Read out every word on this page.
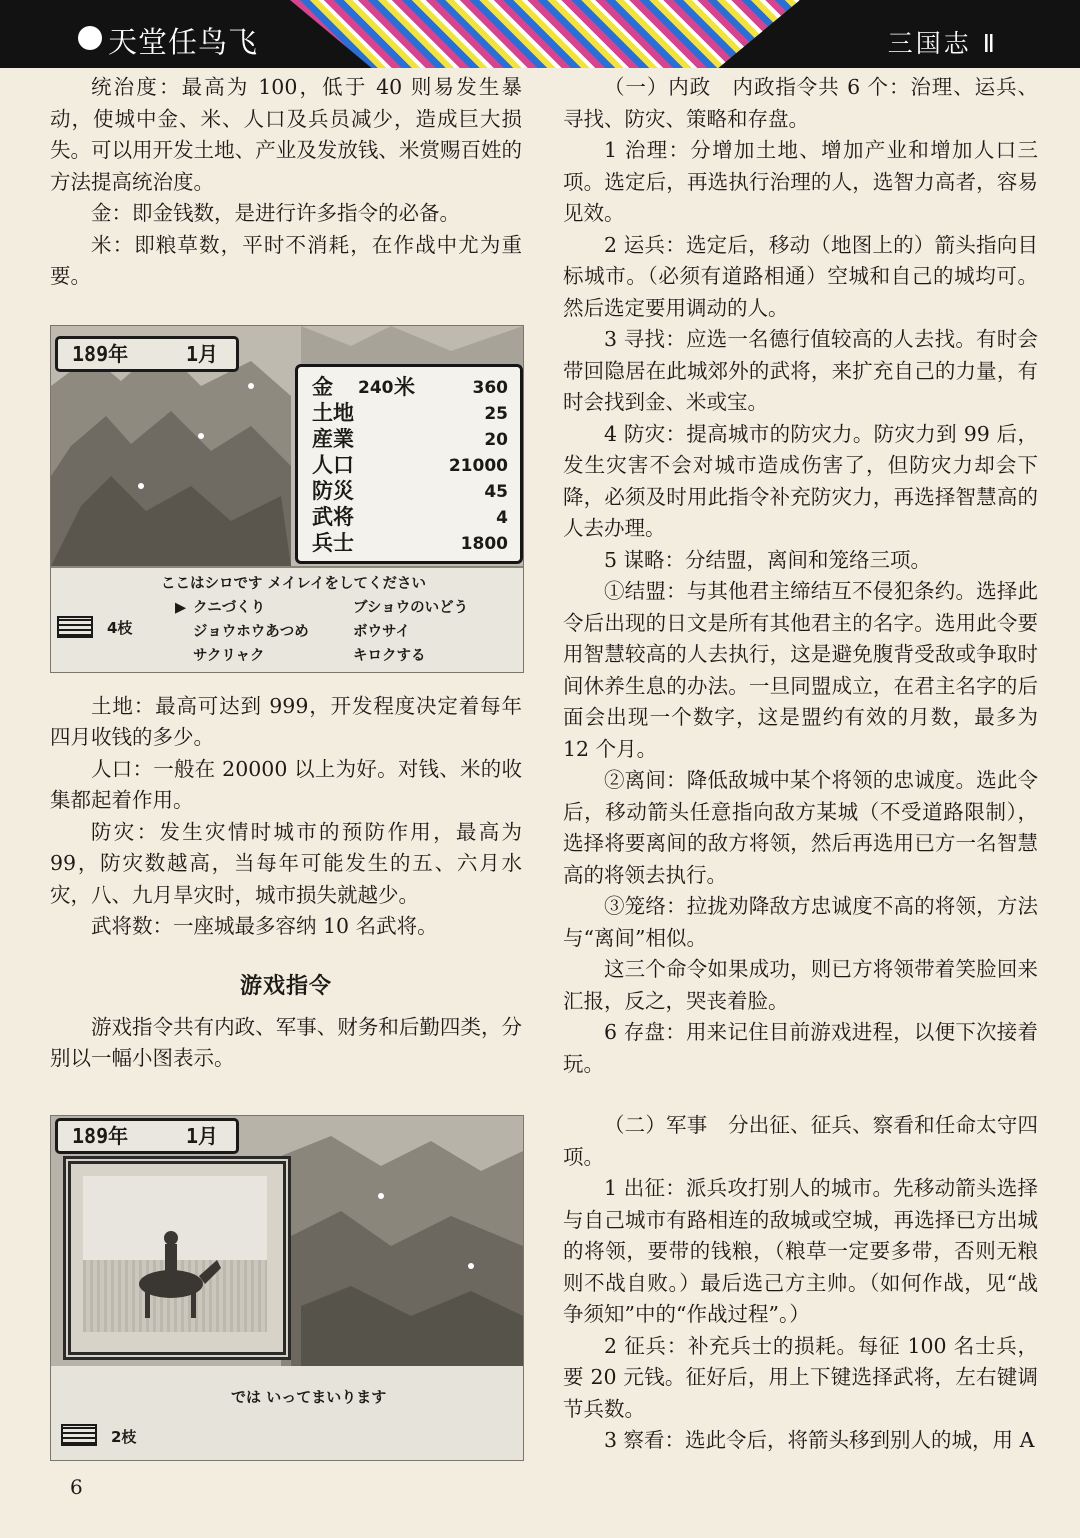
天堂任鸟飞	三国志 Ⅱ

统治度：最高为 100，低于 40 则易发生暴动，使城中金、米、人口及兵员减少，造成巨大损失。可以用开发土地、产业及发放钱、米赏赐百姓的方法提高统治度。

金：即金钱数，是进行许多指令的必备。

米：即粮草数，平时不消耗，在作战中尤为重要。

189年	1月
金 240 米	360
土地	25
産業	20
人口	21000
防災	45
武将	4
兵士	1800
ここはシロです メイレイをしてください
▶ クニづくり	ブショウのいどう
ジョウホウあつめ	ボウサイ
サクリャク	キロクする
4枝

土地：最高可达到 999，开发程度决定着每年四月收钱的多少。

人口：一般在 20000 以上为好。对钱、米的收集都起着作用。

防灾：发生灾情时城市的预防作用，最高为 99，防灾数越高，当每年可能发生的五、六月水灾，八、九月旱灾时，城市损失就越少。

武将数：一座城最多容纳 10 名武将。

游戏指令

游戏指令共有内政、军事、财务和后勤四类，分别以一幅小图表示。

189年	1月
では いってまいります
2枝

（一）内政　内政指令共 6 个：治理、运兵、寻找、防灾、策略和存盘。

1 治理：分增加土地、增加产业和增加人口三项。选定后，再选执行治理的人，选智力高者，容易见效。

2 运兵：选定后，移动（地图上的）箭头指向目标城市。（必须有道路相通）空城和自己的城均可。然后选定要用调动的人。

3 寻找：应选一名德行值较高的人去找。有时会带回隐居在此城郊外的武将，来扩充自己的力量，有时会找到金、米或宝。

4 防灾：提高城市的防灾力。防灾力到 99 后，发生灾害不会对城市造成伤害了，但防灾力却会下降，必须及时用此指令补充防灾力，再选择智慧高的人去办理。

5 谋略：分结盟，离间和笼络三项。

①结盟：与其他君主缔结互不侵犯条约。选择此令后出现的日文是所有其他君主的名字。选用此令要用智慧较高的人去执行，这是避免腹背受敌或争取时间休养生息的办法。一旦同盟成立，在君主名字的后面会出现一个数字，这是盟约有效的月数，最多为 12 个月。

②离间：降低敌城中某个将领的忠诚度。选此令后，移动箭头任意指向敌方某城（不受道路限制），选择将要离间的敌方将领，然后再选用已方一名智慧高的将领去执行。

③笼络：拉拢劝降敌方忠诚度不高的将领，方法与“离间”相似。

这三个命令如果成功，则已方将领带着笑脸回来汇报，反之，哭丧着脸。

6 存盘：用来记住目前游戏进程，以便下次接着玩。

（二）军事　分出征、征兵、察看和任命太守四项。

1 出征：派兵攻打别人的城市。先移动箭头选择与自己城市有路相连的敌城或空城，再选择已方出城的将领，要带的钱粮，（粮草一定要多带，否则无粮则不战自败。）最后选己方主帅。（如何作战，见“战争须知”中的“作战过程”。）

2 征兵：补充兵士的损耗。每征 100 名士兵，要 20 元钱。征好后，用上下键选择武将，左右键调节兵数。

3 察看：选此令后，将箭头移到别人的城，用 A

6
